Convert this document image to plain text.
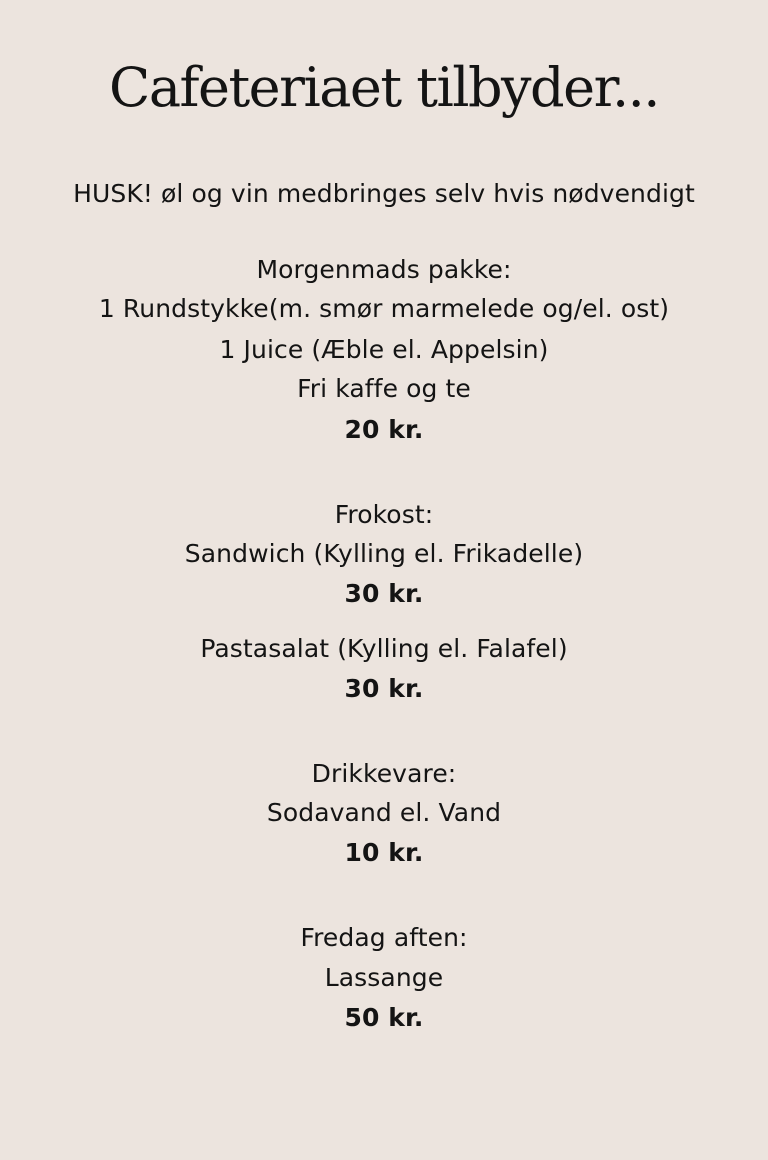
Cafeteriaet tilbyder...
HUSK! øl og vin medbringes selv hvis nødvendigt
Morgenmads pakke:
1 Rundstykke(m. smør marmelede og/el. ost)
1 Juice (Æble el. Appelsin)
Fri kaffe og te
20 kr.
Frokost:
Sandwich (Kylling el. Frikadelle)
30 kr.
Pastasalat (Kylling el. Falafel)
30 kr.
Drikkevare:
Sodavand el. Vand
10 kr.
Fredag aften:
Lassange
50 kr.
